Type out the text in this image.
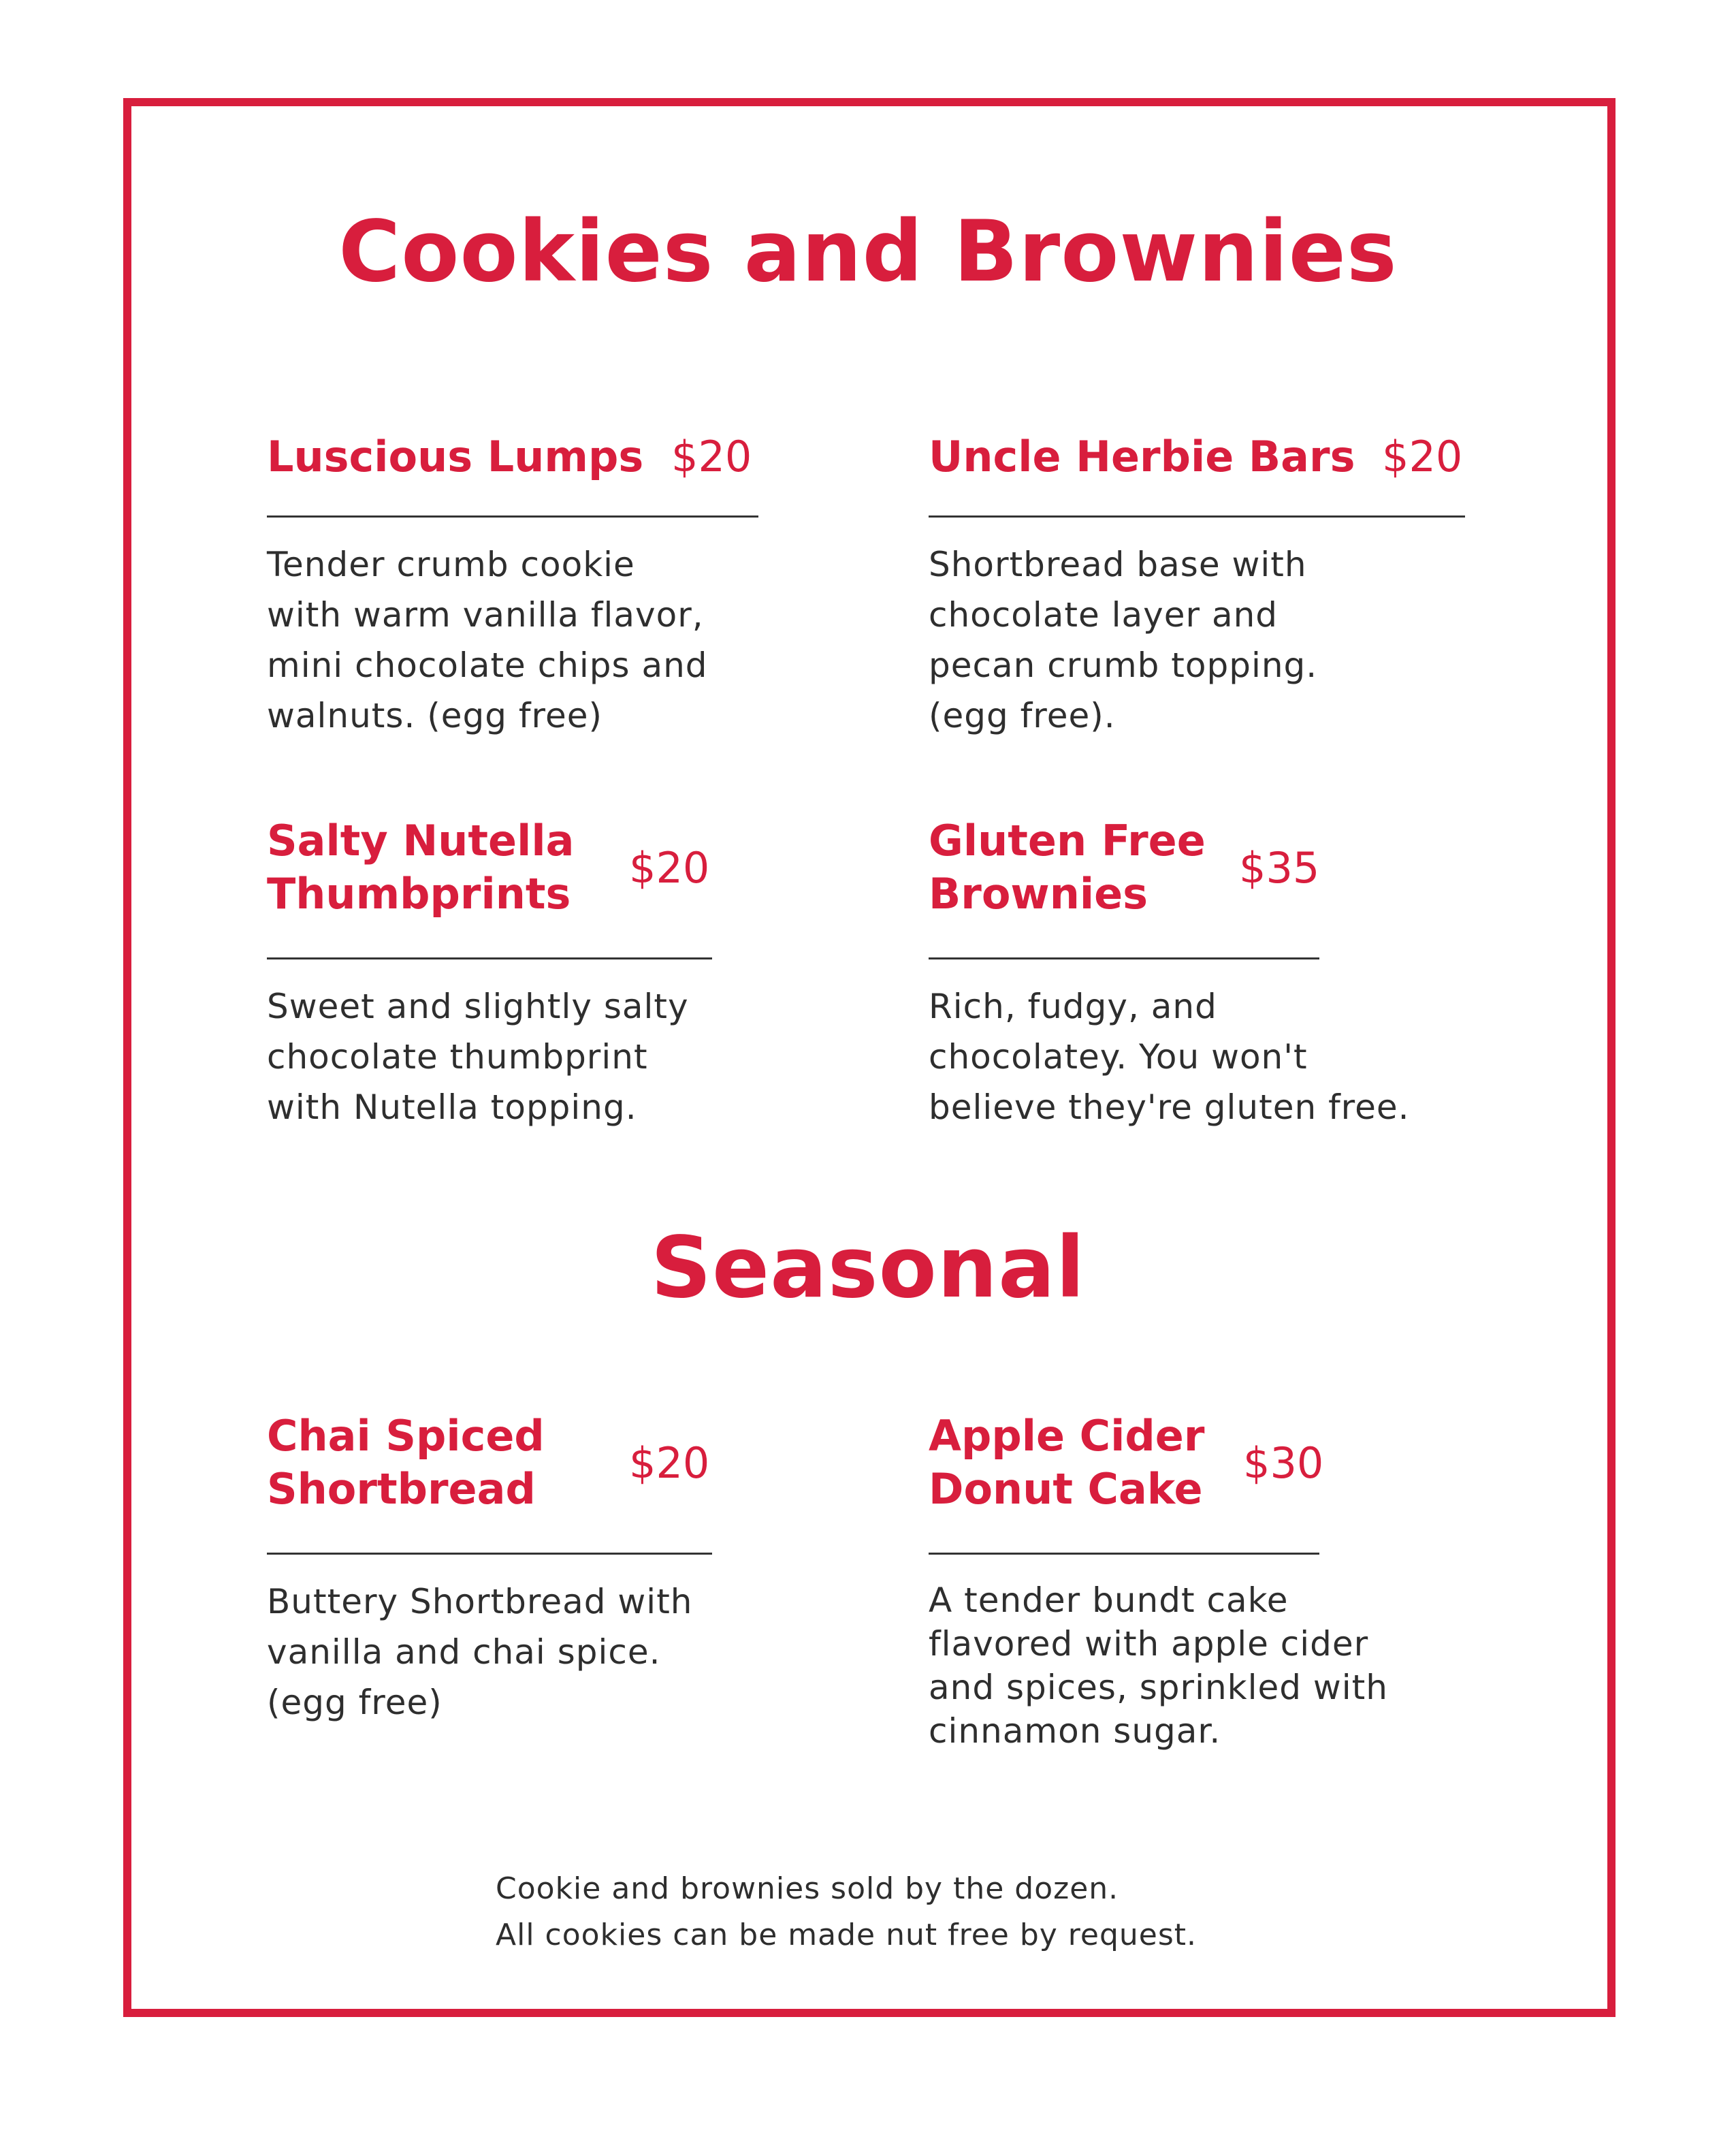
Cookies and Brownies
Luscious Lumps $20

Tender crumb cookie
with warm vanilla flavor,
mini chocolate chips and
walnuts. (egg free)

Uncle Herbie Bars $20

Shortbread base with
chocolate layer and
pecan crumb topping.
(egg free).

Salty Nutella
Thumbprints
$20

Sweet and slightly salty
chocolate thumbprint
with Nutella topping.

Gluten Free
Brownies
$35

Rich, fudgy, and
chocolatey. You won't
believe they're gluten free.

Seasonal
Chai Spiced
Shortbread
$20

Buttery Shortbread with
vanilla and chai spice.
(egg free)

Apple Cider
Donut Cake
$30

A tender bundt cake
flavored with apple cider
and spices, sprinkled with
cinnamon sugar.

Cookie and brownies sold by the dozen.
All cookies can be made nut free by request.
